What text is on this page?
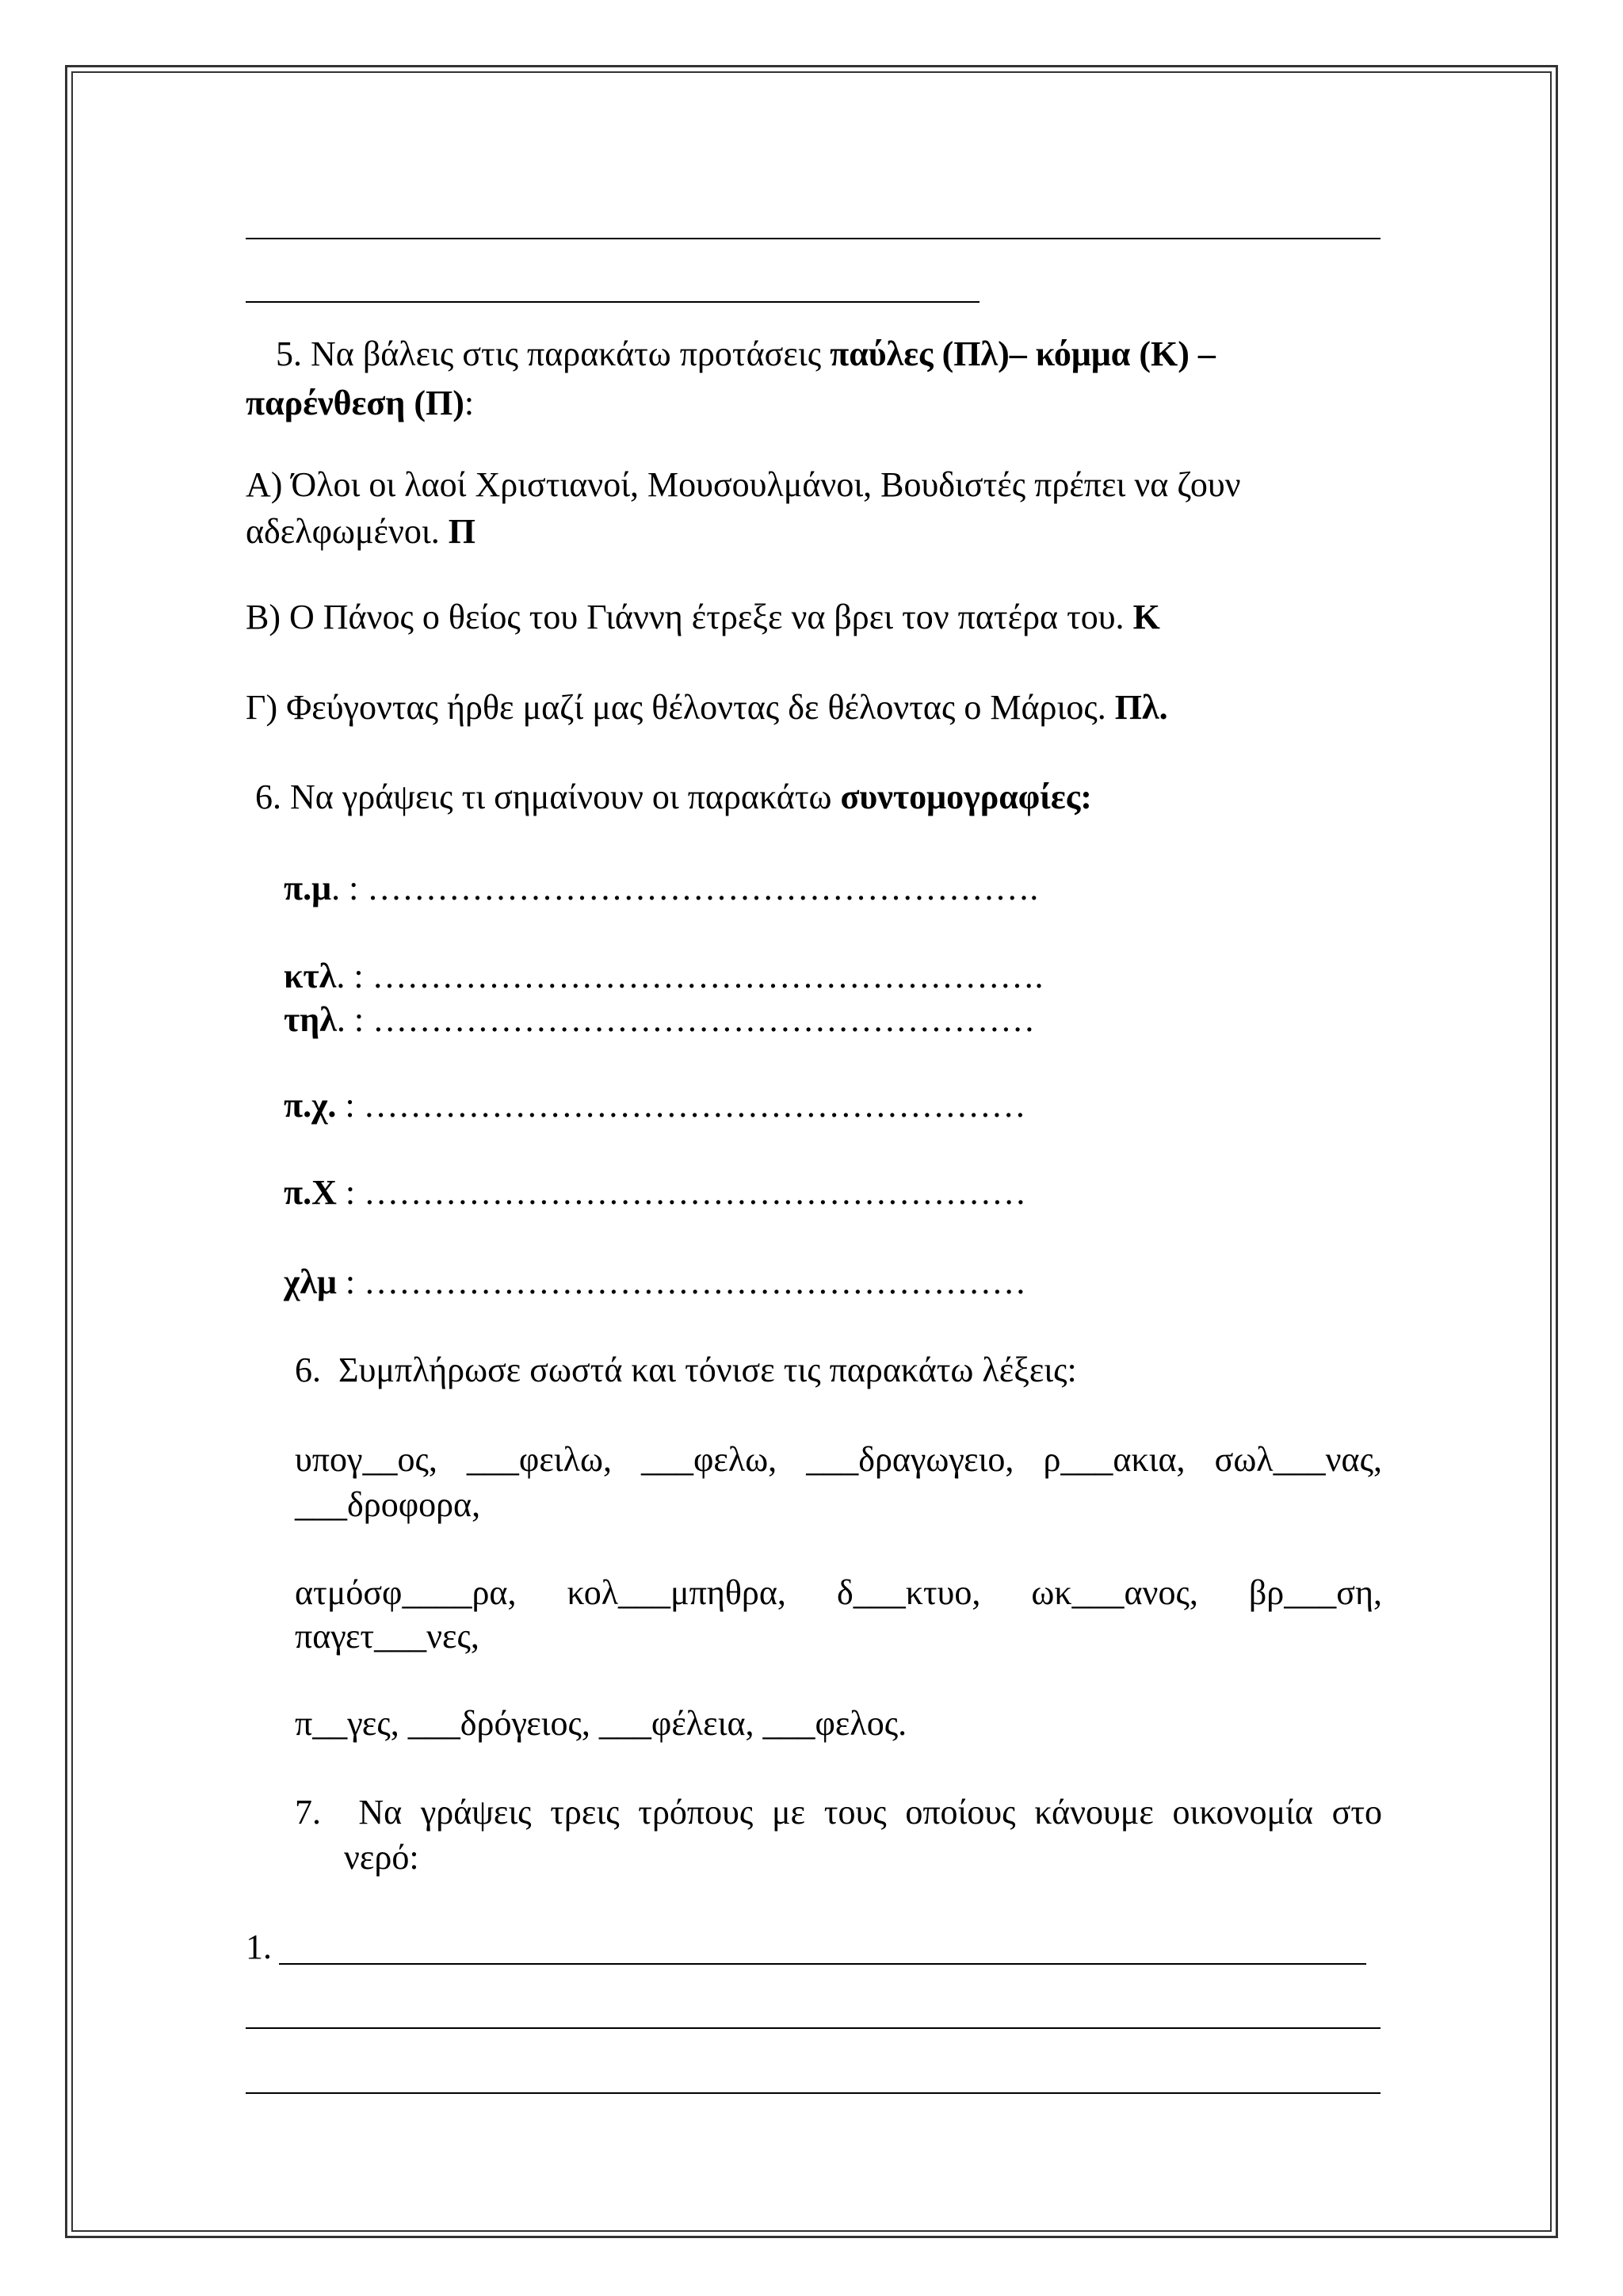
5. Να βάλεις στις παρακάτω προτάσεις παύλες (Πλ)– κόμμα (Κ) –
παρένθεση (Π):
Α) Όλοι οι λαοί Χριστιανοί, Μουσουλμάνοι, Βουδιστές πρέπει να ζουν
αδελφωμένοι. Π
Β) Ο Πάνος ο θείος του Γιάννη έτρεξε να βρει τον πατέρα του. Κ
Γ) Φεύγοντας ήρθε μαζί μας θέλοντας δε θέλοντας ο Μάριος. Πλ.
6. Να γράψεις τι σημαίνουν οι παρακάτω συντομογραφίες:
π.μ. : ………………………………………………….
κτλ. : ………………………………………………….
τηλ. : …………………………………………………
π.χ. : …………………………………………………
π.Χ : …………………………………………………
χλμ : …………………………………………………
6. Συμπλήρωσε σωστά και τόνισε τις παρακάτω λέξεις:
υπογ__ος, ___φειλω, ___φελω, ___δραγωγειο, ρ___ακια, σωλ___νας,
___δροφορα,
ατμόσφ____ρα, κολ___μπηθρα, δ___κτυο, ωκ___ανος, βρ___ση,
παγετ___νες,
π__γες, ___δρόγειος, ___φέλεια, ___φελος.
7. Να γράψεις τρεις τρόπους με τους οποίους κάνουμε οικονομία στο
νερό:
1.
